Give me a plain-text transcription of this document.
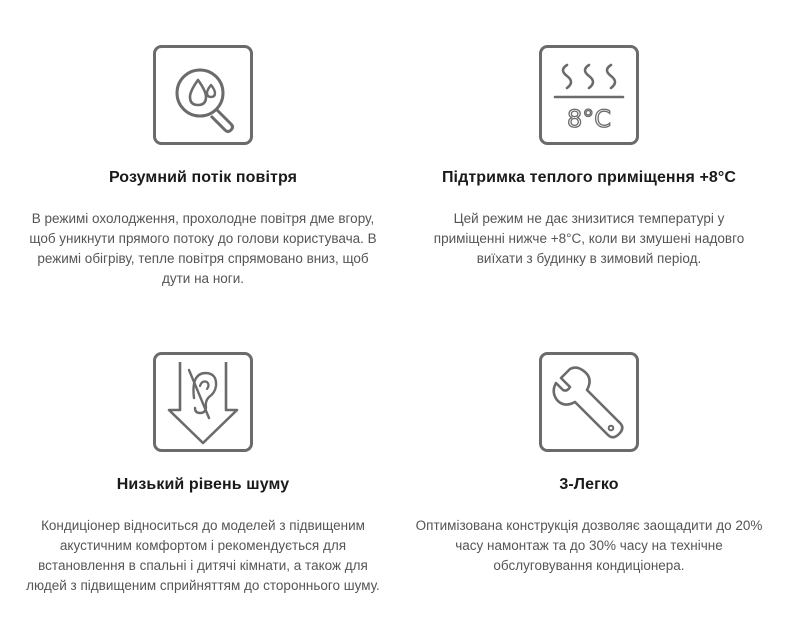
Розумний потік повітря

В режимі охолодження, прохолодне повітря дме вгору, щоб уникнути прямого потоку до голови користувача. В режимі обігріву, тепле повітря спрямовано вниз, щоб дути на ноги.

8°C
Підтримка теплого приміщення +8°C

Цей режим не дає знизитися температурі у приміщенні нижче +8°C, коли ви змушені надовго виїхати з будинку в зимовий період.

Низький рівень шуму

Кондиціонер відноситься до моделей з підвищеним акустичним комфортом і рекомендується для встановлення в спальні і дитячі кімнати, а також для людей з підвищеним сприйняттям до стороннього шуму.

3-Легко

Оптимізована конструкція дозволяє заощадити до 20% часу намонтаж та до 30% часу на технічне обслуговування кондиціонера.
